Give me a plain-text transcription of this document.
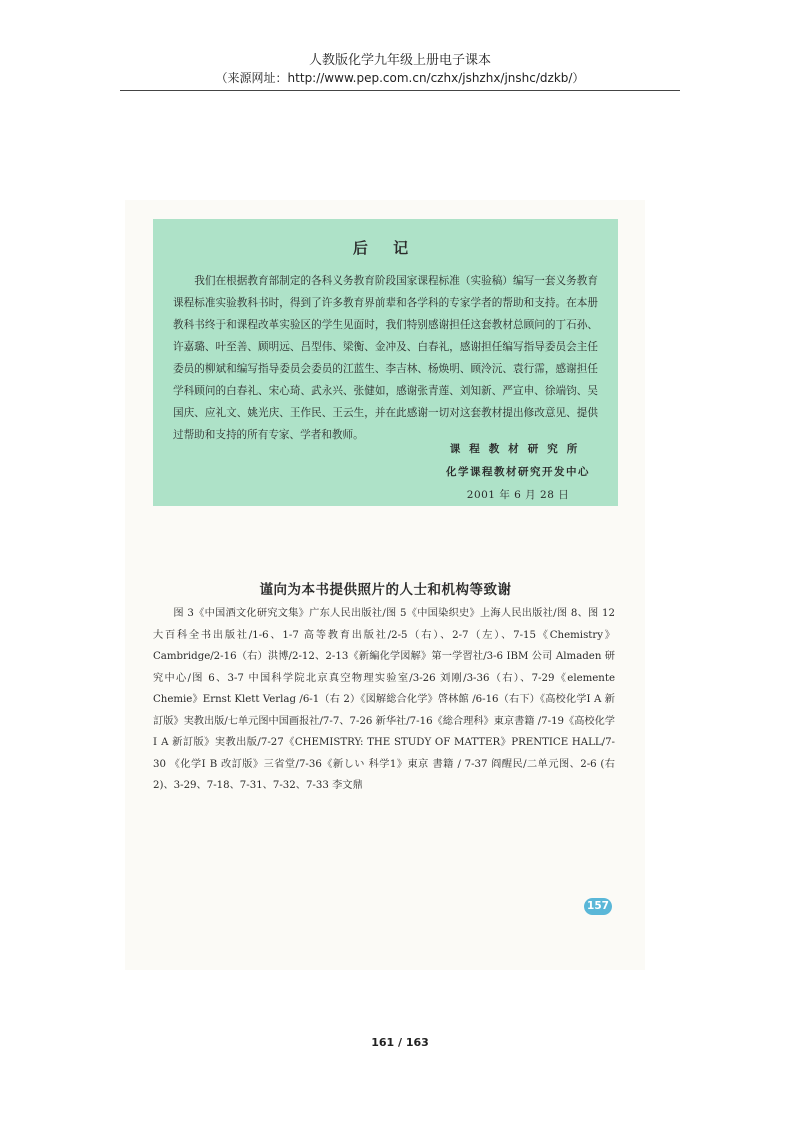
人教版化学九年级上册电子课本
（来源网址：http://www.pep.com.cn/czhx/jshzhx/jnshc/dzkb/）
后 记

我们在根据教育部制定的各科义务教育阶段国家课程标准（实验稿）编写一套义务教育课程标准实验教科书时，得到了许多教育界前辈和各学科的专家学者的帮助和支持。在本册教科书终于和课程改革实验区的学生见面时，我们特别感谢担任这套教材总顾问的丁石孙、许嘉璐、叶至善、顾明远、吕型伟、梁衡、金冲及、白春礼，感谢担任编写指导委员会主任委员的柳斌和编写指导委员会委员的江蓝生、李吉林、杨焕明、顾泠沅、袁行霈，感谢担任学科顾问的白春礼、宋心琦、武永兴、张健如，感谢张青莲、刘知新、严宣申、徐端钧、吴国庆、应礼文、姚光庆、王作民、王云生，并在此感谢一切对这套教材提出修改意见、提供过帮助和支持的所有专家、学者和教师。

课程教材研究所
化学课程教材研究开发中心
2001 年 6 月 28 日
谨向为本书提供照片的人士和机构等致谢

图 3《中国酒文化研究文集》广东人民出版社/图 5《中国染织史》上海人民出版社/图 8、图 12 大百科全书出版社/1-6、1-7 高等教育出版社/2-5（右）、2-7（左）、7-15《Chemistry》Cambridge/2-16（右）洪博/2-12、2-13《新編化学図解》第一学習社/3-6 IBM 公司 Almaden 研究中心/图 6、3-7 中国科学院北京真空物理实验室/3-26 刘刚/3-36（右）、7-29《elemente Chemie》Ernst Klett Verlag /6-1（右 2）《図解総合化学》啓林館 /6-16（右下）《高校化学Ⅰ A 新訂版》実教出版/七单元图中国画报社/7-7、7-26 新华社/7-16《総合理科》東京書籍 /7-19《高校化学Ⅰ A 新訂版》実教出版/7-27《CHEMISTRY: THE STUDY OF MATTER》PRENTICE HALL/7-30 《化学Ⅰ B 改訂版》三省堂/7-36《新しい 科学1》東京 書籍 / 7-37 阎醒民/二单元图、2-6 (右 2)、3-29、7-18、7-31、7-32、7-33 李文鼎

157
161 / 163
